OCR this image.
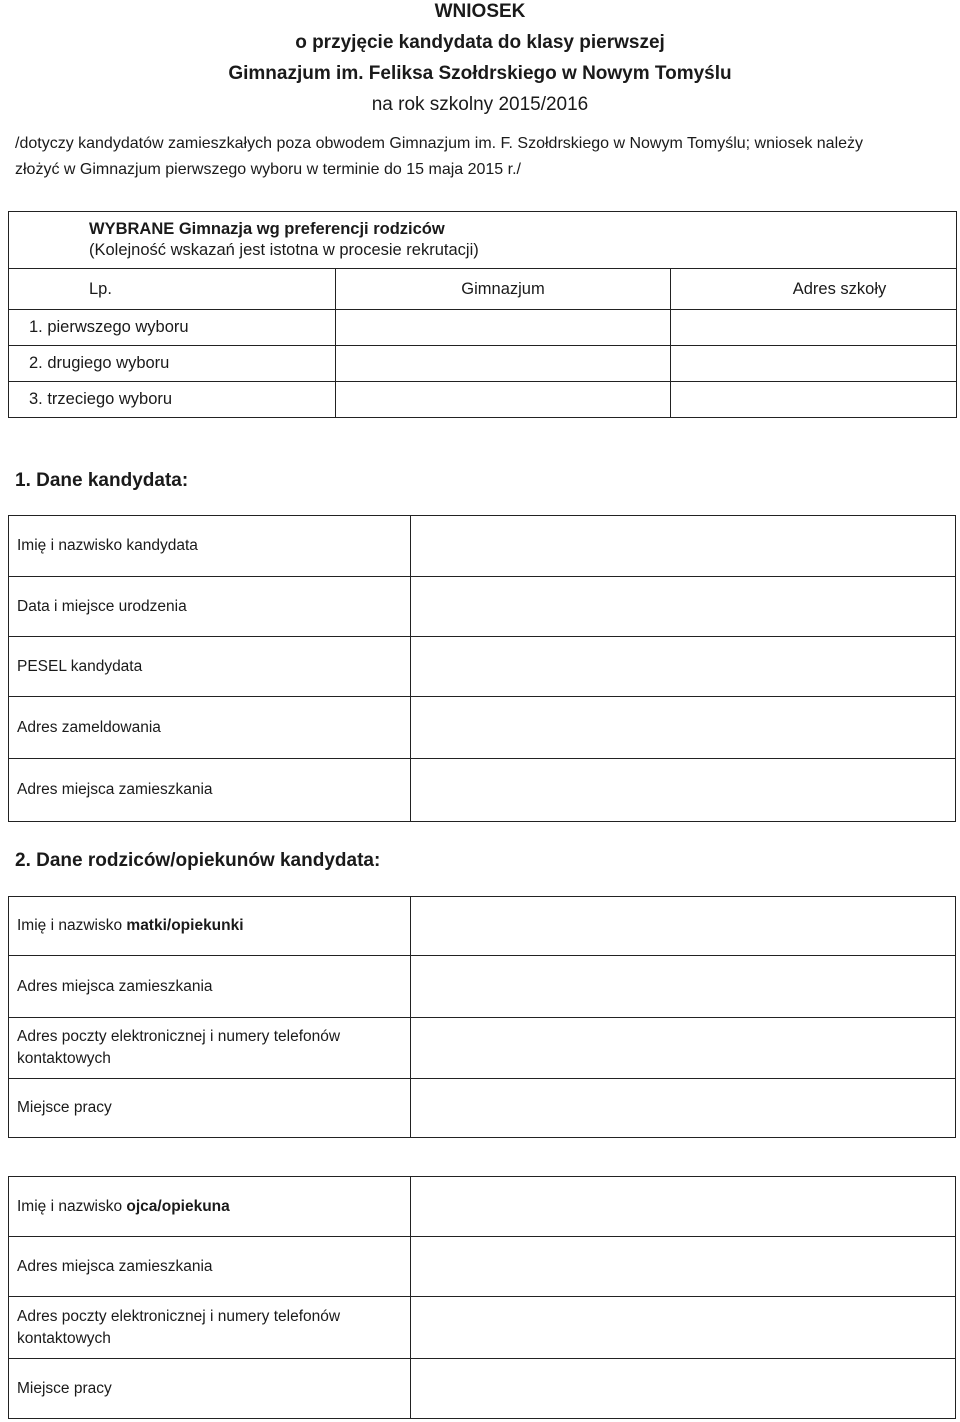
WNIOSEK
o przyjęcie kandydata do klasy pierwszej
Gimnazjum im. Feliksa Szołdrskiego w Nowym Tomyślu
na rok szkolny 2015/2016
/dotyczy kandydatów zamieszkałych poza obwodem Gimnazjum im. F. Szołdrskiego w Nowym Tomyślu; wniosek należy
złożyć w Gimnazjum pierwszego wyboru w terminie do 15 maja 2015 r./
WYBRANE Gimnazja wg preferencji rodziców
(Kolejność wskazań jest istotna w procesie rekrutacji)		

Lp.	Gimnazjum	Adres szkoły
1. pierwszego wyboru		
2. drugiego wyboru		
3. trzeciego wyboru		
1. Dane kandydata:
Imię i nazwisko kandydata	
Data i miejsce urodzenia	
PESEL kandydata	
Adres zameldowania	
Adres miejsca zamieszkania	
2. Dane rodziców/opiekunów kandydata:
Imię i nazwisko matki/opiekunki	
Adres miejsca zamieszkania	

Adres poczty elektronicznej i numery telefonów
kontaktowych	

Miejsce pracy	
Imię i nazwisko ojca/opiekuna	
Adres miejsca zamieszkania	

Adres poczty elektronicznej i numery telefonów
kontaktowych	

Miejsce pracy	
